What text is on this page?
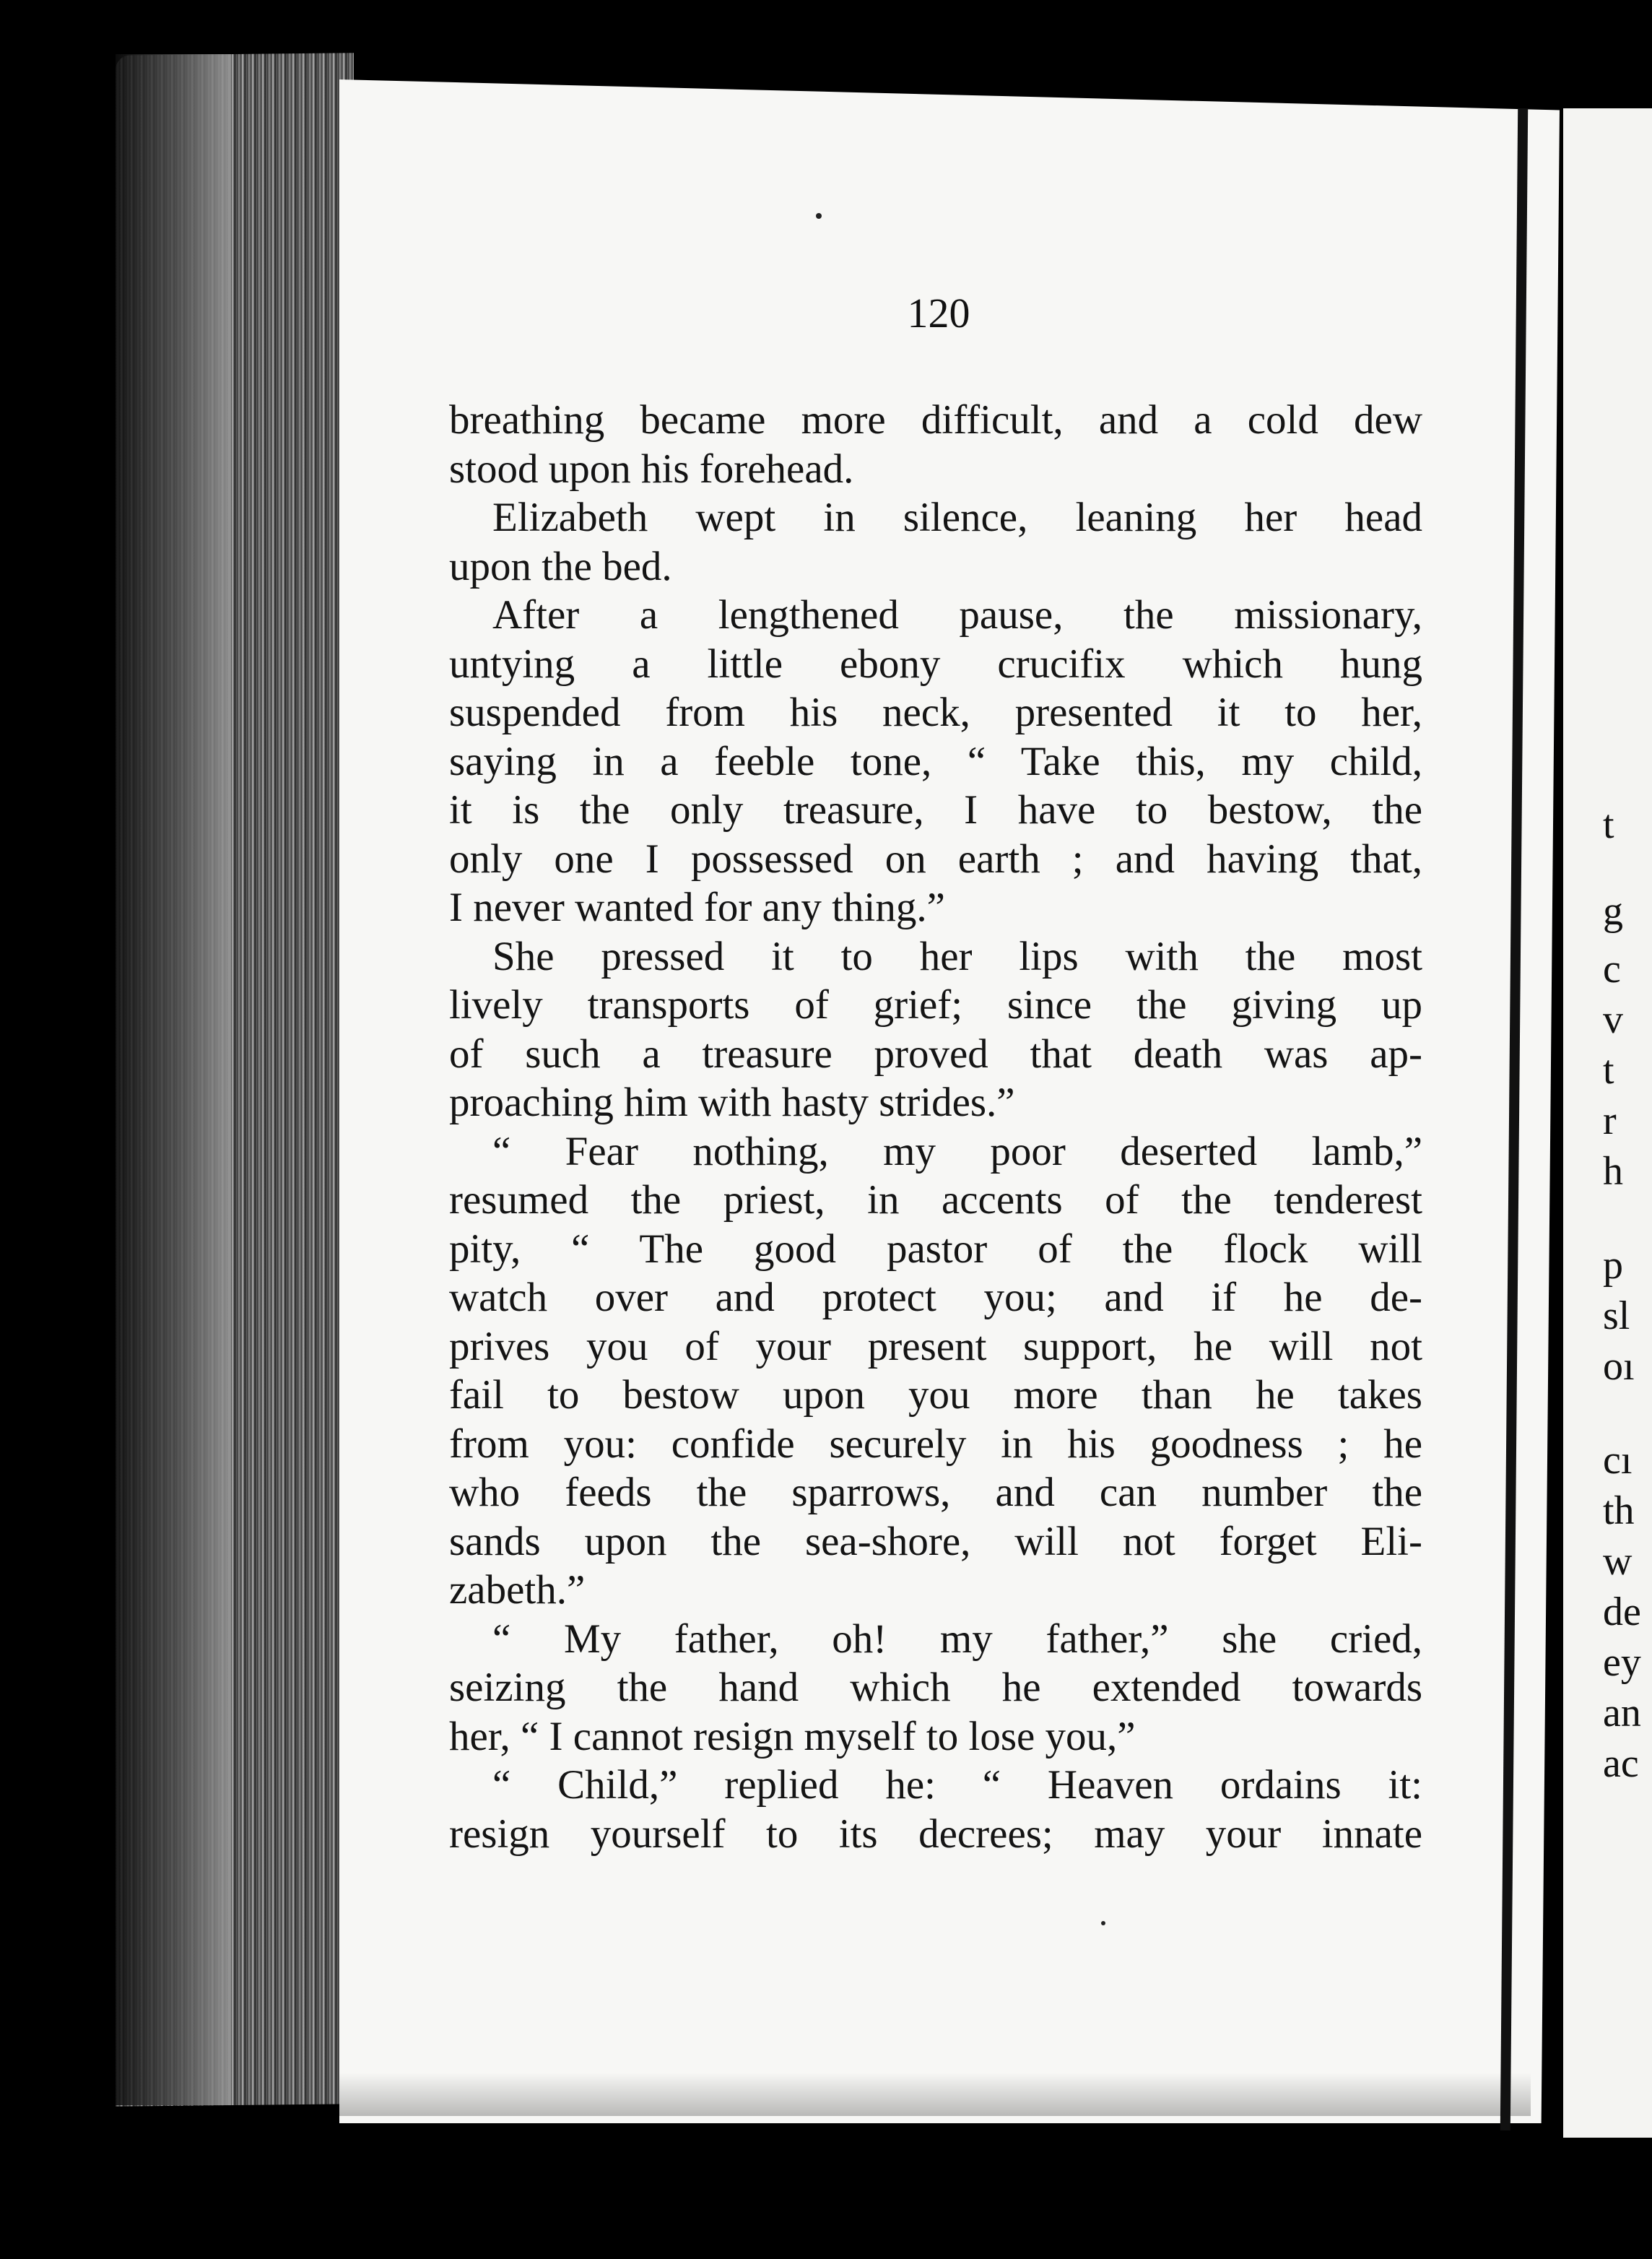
t
g
c
v
t
r
h
p
sl
oı
cı
th
w
de
ey
an
ac
120
breathing became more difficult, and a cold dew
stood upon his forehead.
Elizabeth wept in silence, leaning her head
upon the bed.
After a lengthened pause, the missionary,
untying a little ebony crucifix which hung
suspended from his neck, presented it to her,
saying in a feeble tone, “ Take this, my child,
it is the only treasure, I have to bestow, the
only one I possessed on earth ; and having that,
I never wanted for any thing.”
She pressed it to her lips with the most
lively transports of grief; since the giving up
of such a treasure proved that death was ap-
proaching him with hasty strides.”
“ Fear nothing, my poor deserted lamb,”
resumed the priest, in accents of the tenderest
pity, “ The good pastor of the flock will
watch over and protect you; and if he de-
prives you of your present support, he will not
fail to bestow upon you more than he takes
from you: confide securely in his goodness ; he
who feeds the sparrows, and can number the
sands upon the sea-shore, will not forget Eli-
zabeth.”
“ My father, oh! my father,” she cried,
seizing the hand which he extended towards
her, “ I cannot resign myself to lose you,”
“ Child,” replied he: “ Heaven ordains it:
resign yourself to its decrees; may your innate
